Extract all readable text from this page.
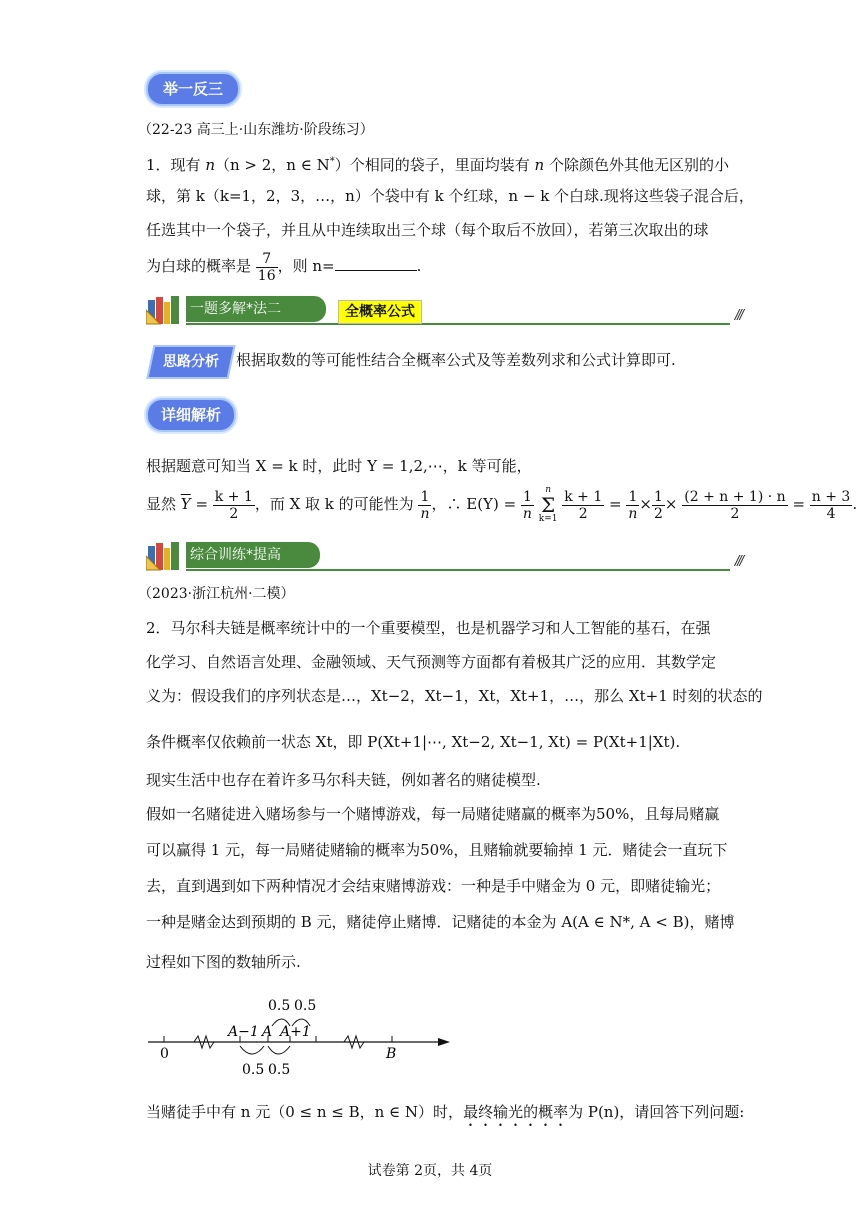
举一反三
（22-23 高三上·山东潍坊·阶段练习）
1．现有 n（n > 2，n ∈ N*）个相同的袋子，里面均装有 n 个除颜色外其他无区别的小
球，第 k（k=1，2，3，…，n）个袋中有 k 个红球，n − k 个白球.现将这些袋子混合后，
任选其中一个袋子，并且从中连续取出三个球（每个取后不放回），若第三次取出的球
为白球的概率是 $\frac{7}{16}$ ，则 n=	.
一题多解*法二	///
全概率公式
思路分析	根据取数的等可能性结合全概率公式及等差数列求和公式计算即可.
详细解析
根据题意可知当 X = k 时，此时 Y = 1,2,⋯，k 等可能，
显然 $\overline{Y} = \frac{k + 1}{2}$ ，而 X 取 k 的可能性为 $\frac{1}{n}$ ，∴ $E(Y) = \frac{1}{n}$
	n
Σ
k=1
$\frac{k + 1}{2} = \frac{1}{n} \times \frac{1}{2} \times \frac{(2 + n + 1) \cdot n}{2} = \frac{n + 3}{4}$ .
综合训练*提高	///
（2023·浙江杭州·二模）
2．马尔科夫链是概率统计中的一个重要模型，也是机器学习和人工智能的基石，在强
化学习、自然语言处理、金融领域、天气预测等方面都有着极其广泛的应用．其数学定
义为：假设我们的序列状态是…，Xt−2，Xt−1，Xt，Xt+1，…，那么 Xt+1 时刻的状态的
条件概率仅依赖前一状态 Xt，即 P(Xt+1|⋯, Xt−2, Xt−1, Xt) = P(Xt+1|Xt).
现实生活中也存在着许多马尔科夫链，例如著名的赌徒模型.
假如一名赌徒进入赌场参与一个赌博游戏，每一局赌徒赌赢的概率为50%，且每局赌赢
可以赢得 1 元，每一局赌徒赌输的概率为50%，且赌输就要输掉 1 元．赌徒会一直玩下
去，直到遇到如下两种情况才会结束赌博游戏：一种是手中赌金为 0 元，即赌徒输光；
一种是赌金达到预期的 B 元，赌徒停止赌博．记赌徒的本金为 A(A ∈ N*, A < B)，赌博
过程如下图的数轴所示.
0
A−1 A A+1
B
0.5 0.5
0.5 0.5
当赌徒手中有 n 元（0 ≤ n ≤ B，n ∈ N）时，最终输光的概率为 P(n)，请回答下列问题:
试卷第 2页，共 4页
